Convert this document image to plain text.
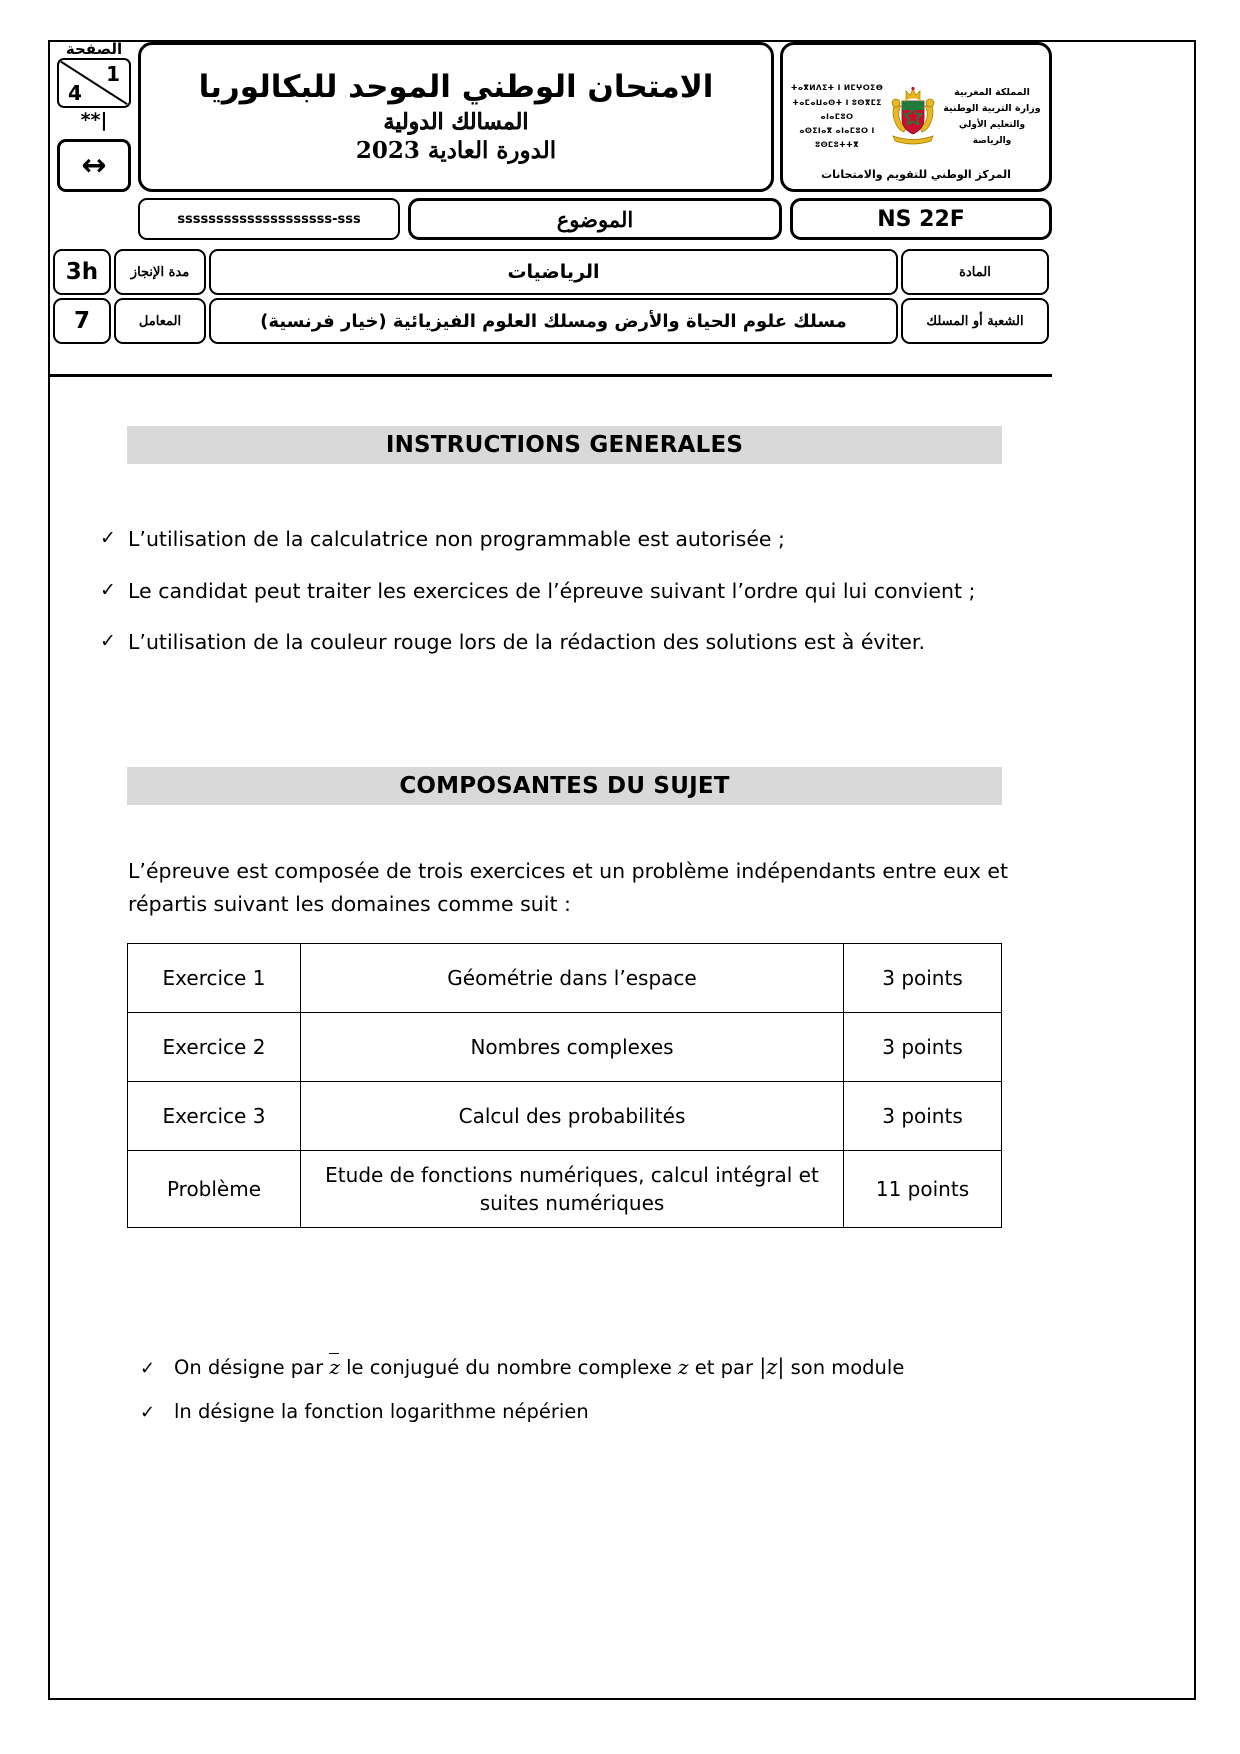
الصفحة
1
4
**|
↔
الامتحان الوطني الموحد للبكالوريا
المسالك الدولية
الدورة العادية 2023
ⵜⴰⴳⵍⴷⵉⵜ ⵏ ⵍⵎⵖⵔⵉⴱ
ⵜⴰⵎⴰⵡⴰⵙⵜ ⵏ ⵓⵙⴳⵎⵉ ⴰⵏⴰⵎⵓⵔ
ⴰⵙⵉⵏⴰⴳ ⴰⵏⴰⵎⵓⵔ ⵏ ⵓⵙⵎⵓⵜⵜⴳ
المملكة المغربية
وزارة التربية الوطنية
والتعليم الأولي والرياضة
المركز الوطني للتقويم والامتحانات
ssssssssssssssssssss-sss	الموضوع	NS 22F
3h	مدة الإنجاز	الرياضيات	المادة
7	المعامل	مسلك علوم الحياة والأرض ومسلك العلوم الفيزيائية (خيار فرنسية)	الشعبة أو المسلك
INSTRUCTIONS GENERALES
✓ L’utilisation de la calculatrice non programmable est autorisée ;
✓ Le candidat peut traiter les exercices de l’épreuve suivant l’ordre qui lui convient ;
✓ L’utilisation de la couleur rouge lors de la rédaction des solutions est à éviter.
COMPOSANTES DU SUJET
L’épreuve est composée de trois exercices et un problème indépendants entre eux et répartis suivant les domaines comme suit :
Exercice 1	Géométrie dans l’espace	3 points
Exercice 2	Nombres complexes	3 points
Exercice 3	Calcul des probabilités	3 points
Problème	Etude de fonctions numériques, calcul intégral et suites numériques	11 points
✓ On désigne par z le conjugué du nombre complexe z et par |z| son module
✓ ln désigne la fonction logarithme népérien
